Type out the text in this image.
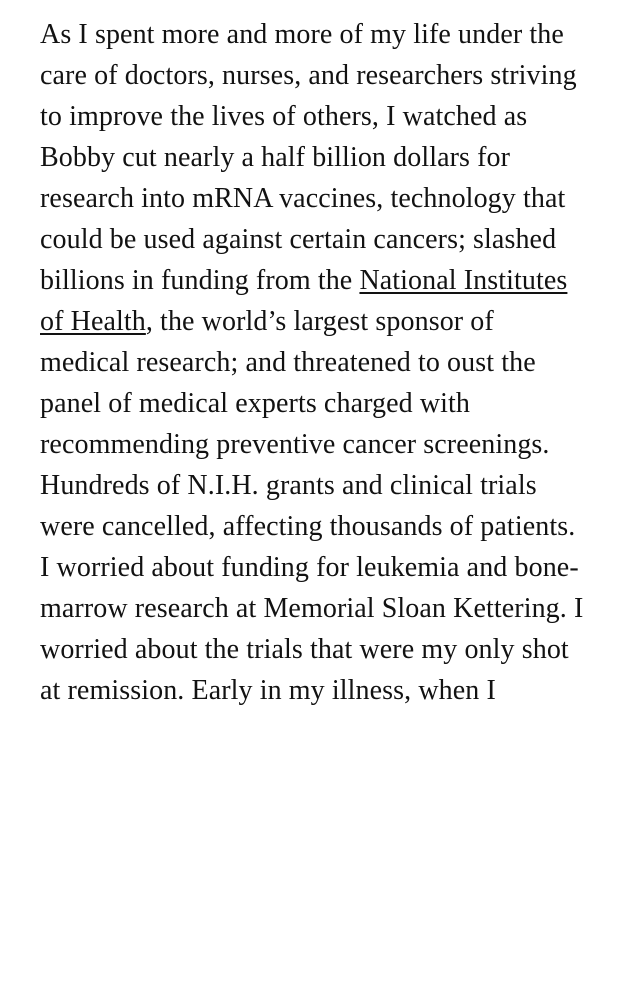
As I spent more and more of my life under the care of doctors, nurses, and researchers striving to improve the lives of others, I watched as Bobby cut nearly a half billion dollars for research into mRNA vaccines, technology that could be used against certain cancers; slashed billions in funding from the National Institutes of Health, the world’s largest sponsor of medical research; and threatened to oust the panel of medical experts charged with recommending preventive cancer screenings. Hundreds of N.I.H. grants and clinical trials were cancelled, affecting thousands of patients. I worried about funding for leukemia and bone-marrow research at Memorial Sloan Kettering. I worried about the trials that were my only shot at remission. Early in my illness, when I
